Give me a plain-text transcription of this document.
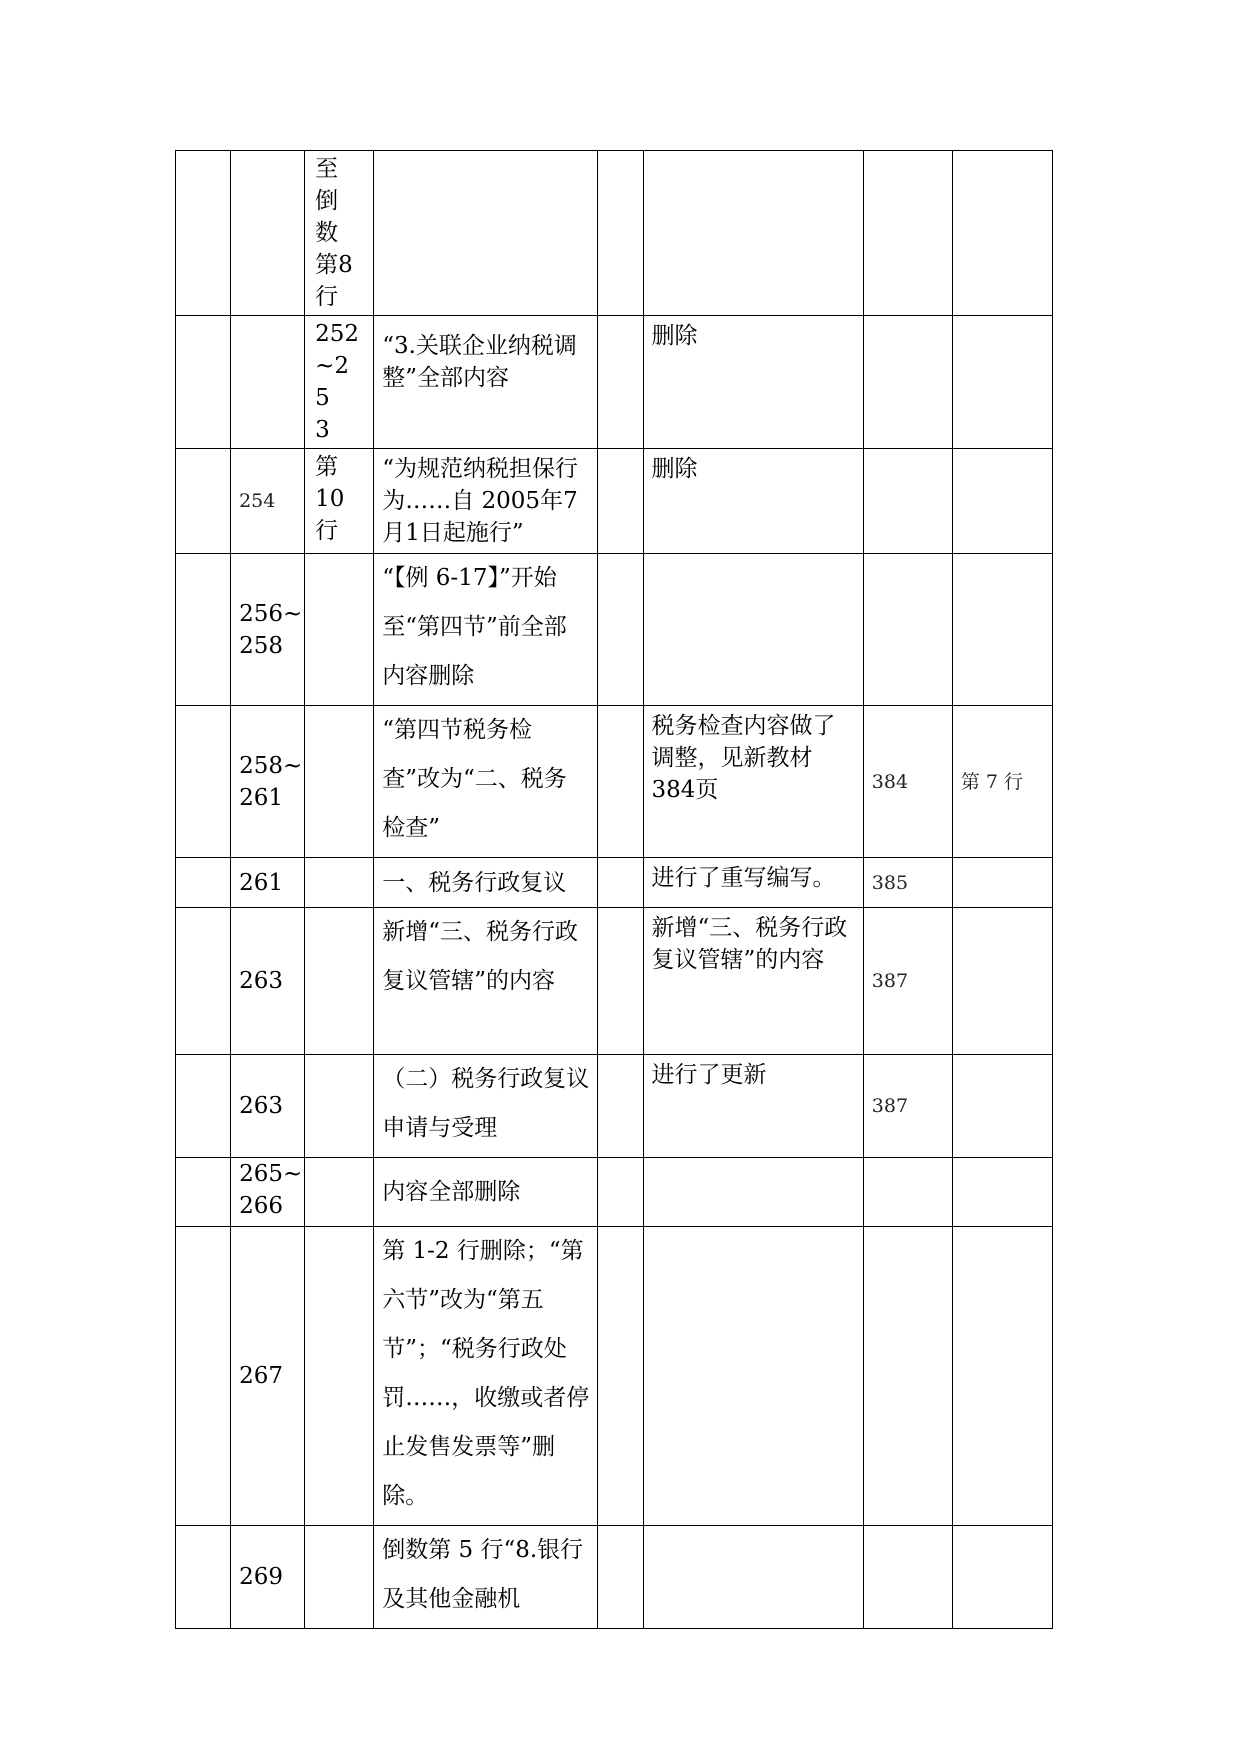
		至
倒
数
第8
行					

		252
~25
3	“3.关联企业纳税调整”全部内容		删除		

	254	第
10
行	“为规范纳税担保行为……自 2005年7月1日起施行”		删除		

	256~
258		“【例 6-17】”开始至“第四节”前全部内容删除				

	258~
261		“第四节税务检查”改为“二、税务检查”		税务检查内容做了调整，见新教材384页	384	第 7 行

	261		一、税务行政复议		进行了重写编写。	385	

	263		新增“三、税务行政复议管辖”的内容		新增“三、税务行政复议管辖”的内容	387	

	263		（二）税务行政复议申请与受理		进行了更新	387	

	265~
266		内容全部删除				

	267		第 1-2 行删除；“第六节”改为“第五节”；“税务行政处罚……，收缴或者停止发售发票等”删除。				

	269		倒数第 5 行“8.银行及其他金融机				
